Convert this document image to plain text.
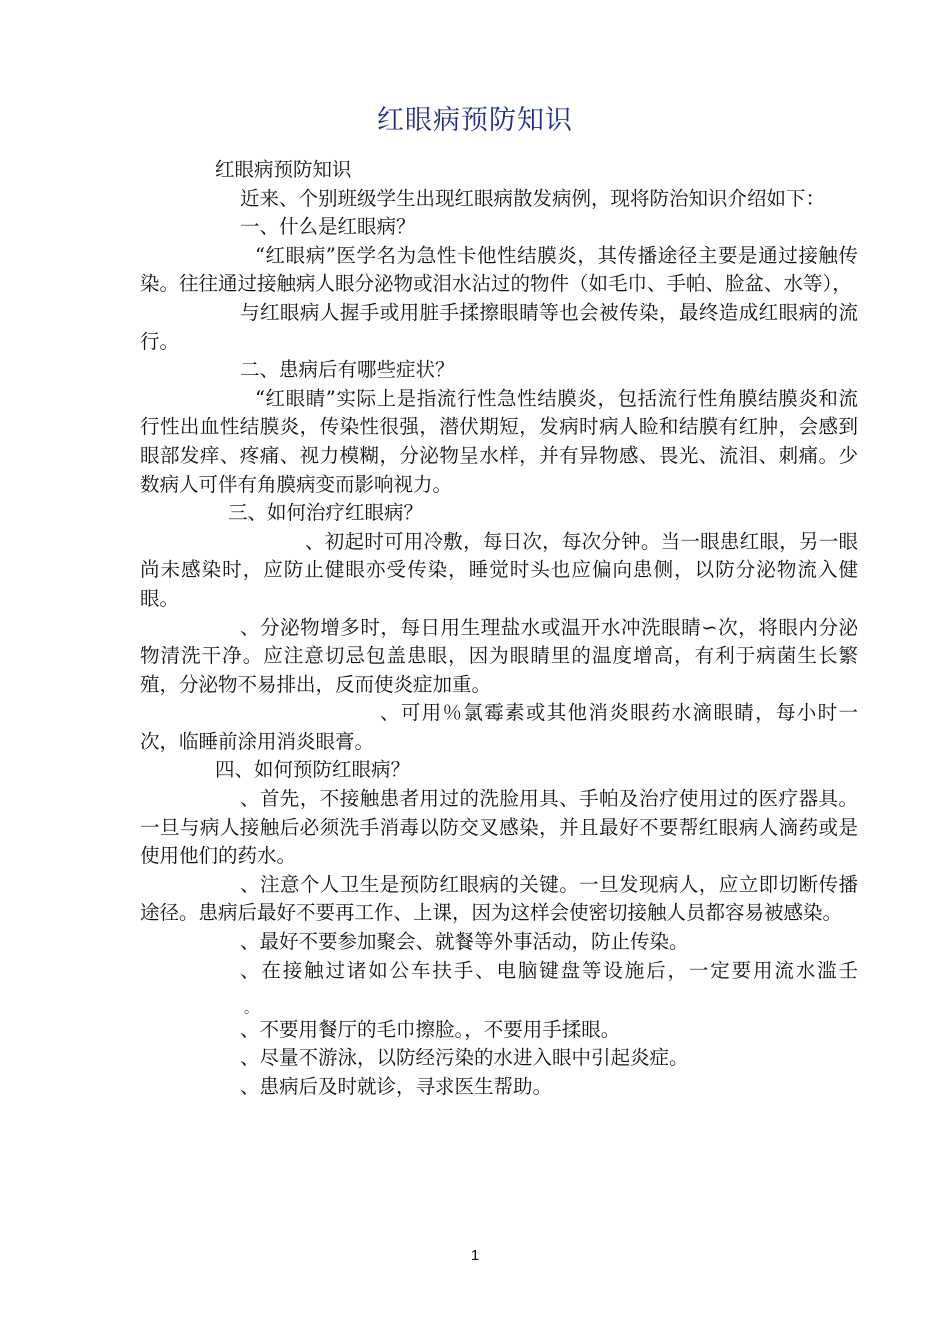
红眼病预防知识

红眼病预防知识

近来、个别班级学生出现红眼病散发病例，现将防治知识介绍如下：

一、什么是红眼病？

“红眼病”医学名为急性卡他性结膜炎，其传播途径主要是通过接触传染。往往通过接触病人眼分泌物或泪水沾过的物件（如毛巾、手帕、脸盆、水等），

与红眼病人握手或用脏手揉擦眼睛等也会被传染，最终造成红眼病的流行。

二、患病后有哪些症状？

“红眼睛”实际上是指流行性急性结膜炎，包括流行性角膜结膜炎和流行性出血性结膜炎，传染性很强，潜伏期短，发病时病人睑和结膜有红肿，会感到眼部发痒、疼痛、视力模糊，分泌物呈水样，并有异物感、畏光、流泪、刺痛。少数病人可伴有角膜病变而影响视力。

三、如何治疗红眼病？

、初起时可用冷敷，每日次，每次分钟。当一眼患红眼，另一眼尚未感染时，应防止健眼亦受传染，睡觉时头也应偏向患侧，以防分泌物流入健眼。

、分泌物增多时，每日用生理盐水或温开水冲洗眼睛∽次，将眼内分泌物清洗干净。应注意切忌包盖患眼，因为眼睛里的温度增高，有利于病菌生长繁殖，分泌物不易排出，反而使炎症加重。

、可用％氯霉素或其他消炎眼药水滴眼睛，每小时一次，临睡前涂用消炎眼膏。

四、如何预防红眼病？

、首先，不接触患者用过的洗脸用具、手帕及治疗使用过的医疗器具。一旦与病人接触后必须洗手消毒以防交叉感染，并且最好不要帮红眼病人滴药或是使用他们的药水。

、注意个人卫生是预防红眼病的关键。一旦发现病人，应立即切断传播途径。患病后最好不要再工作、上课，因为这样会使密切接触人员都容易被感染。

、最好不要参加聚会、就餐等外事活动，防止传染。

、在接触过诸如公车扶手、电脑键盘等设施后，一定要用流水滥壬。

、不要用餐厅的毛巾擦脸。，不要用手揉眼。

、尽量不游泳，以防经污染的水进入眼中引起炎症。

、患病后及时就诊，寻求医生帮助。

1
